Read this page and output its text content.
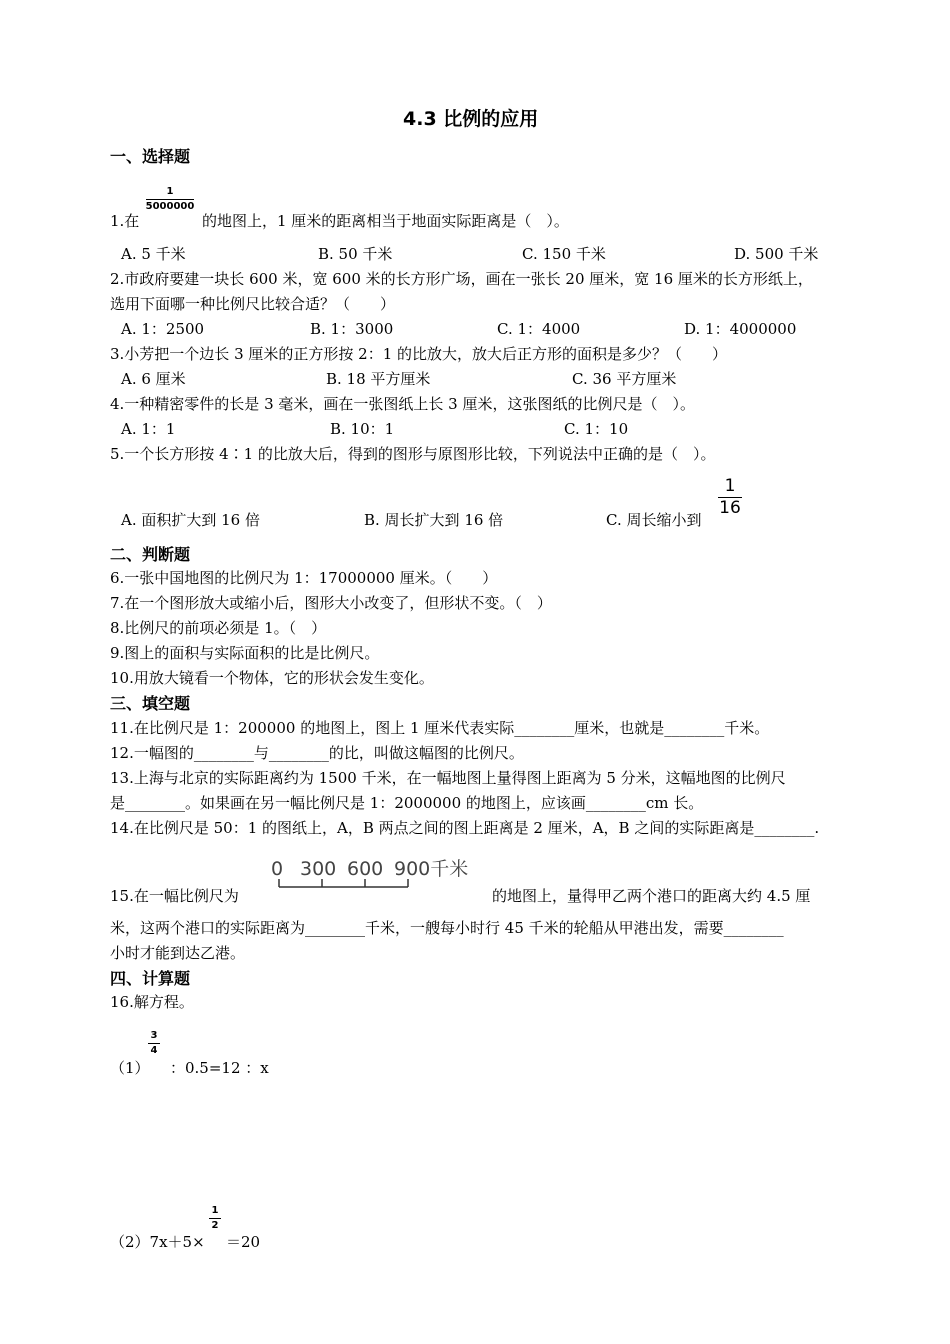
4.3 比例的应用
一、选择题
1.在
1
5000000
的地图上，1 厘米的距离相当于地面实际距离是（　）。
A. 5 千米	B. 50 千米	C. 150 千米	D. 500 千米
2.市政府要建一块长 600 米，宽 600 米的长方形广场，画在一张长 20 厘米，宽 16 厘米的长方形纸上，
选用下面哪一种比例尺比较合适？（　　）
A. 1：2500	B. 1：3000	C. 1：4000	D. 1：4000000
3.小芳把一个边长 3 厘米的正方形按 2：1 的比放大，放大后正方形的面积是多少？（　　）
A. 6 厘米	B. 18 平方厘米	C. 36 平方厘米
4.一种精密零件的长是 3 毫米，画在一张图纸上长 3 厘米，这张图纸的比例尺是（　）。
A. 1：1	B. 10：1	C. 1：10
5.一个长方形按 4∶1 的比放大后，得到的图形与原图形比较，下列说法中正确的是（　）。
A. 面积扩大到 16 倍	B. 周长扩大到 16 倍	C. 周长缩小到
1
16
二、判断题
6.一张中国地图的比例尺为 1：17000000 厘米。（　　）
7.在一个图形放大或缩小后，图形大小改变了，但形状不变。（　）
8.比例尺的前项必须是 1。（　）
9.图上的面积与实际面积的比是比例尺。
10.用放大镜看一个物体，它的形状会发生变化。
三、填空题
11.在比例尺是 1：200000 的地图上，图上 1 厘米代表实际________厘米，也就是________千米。
12.一幅图的________与________的比，叫做这幅图的比例尺。
13.上海与北京的实际距离约为 1500 千米，在一幅地图上量得图上距离为 5 分米，这幅地图的比例尺
是________。如果画在另一幅比例尺是 1：2000000 的地图上，应该画________cm 长。
14.在比例尺是 50：1 的图纸上，A，B 两点之间的图上距离是 2 厘米，A，B 之间的实际距离是________.
15.在一幅比例尺为
0 300 600 900千米
的地图上，量得甲乙两个港口的距离大约 4.5 厘
米，这两个港口的实际距离为________千米，一艘每小时行 45 千米的轮船从甲港出发，需要________
小时才能到达乙港。
四、计算题
16.解方程。
（1）
3
4
：0.5=12 ：x
（2）7x＋5×
1
2
＝20
